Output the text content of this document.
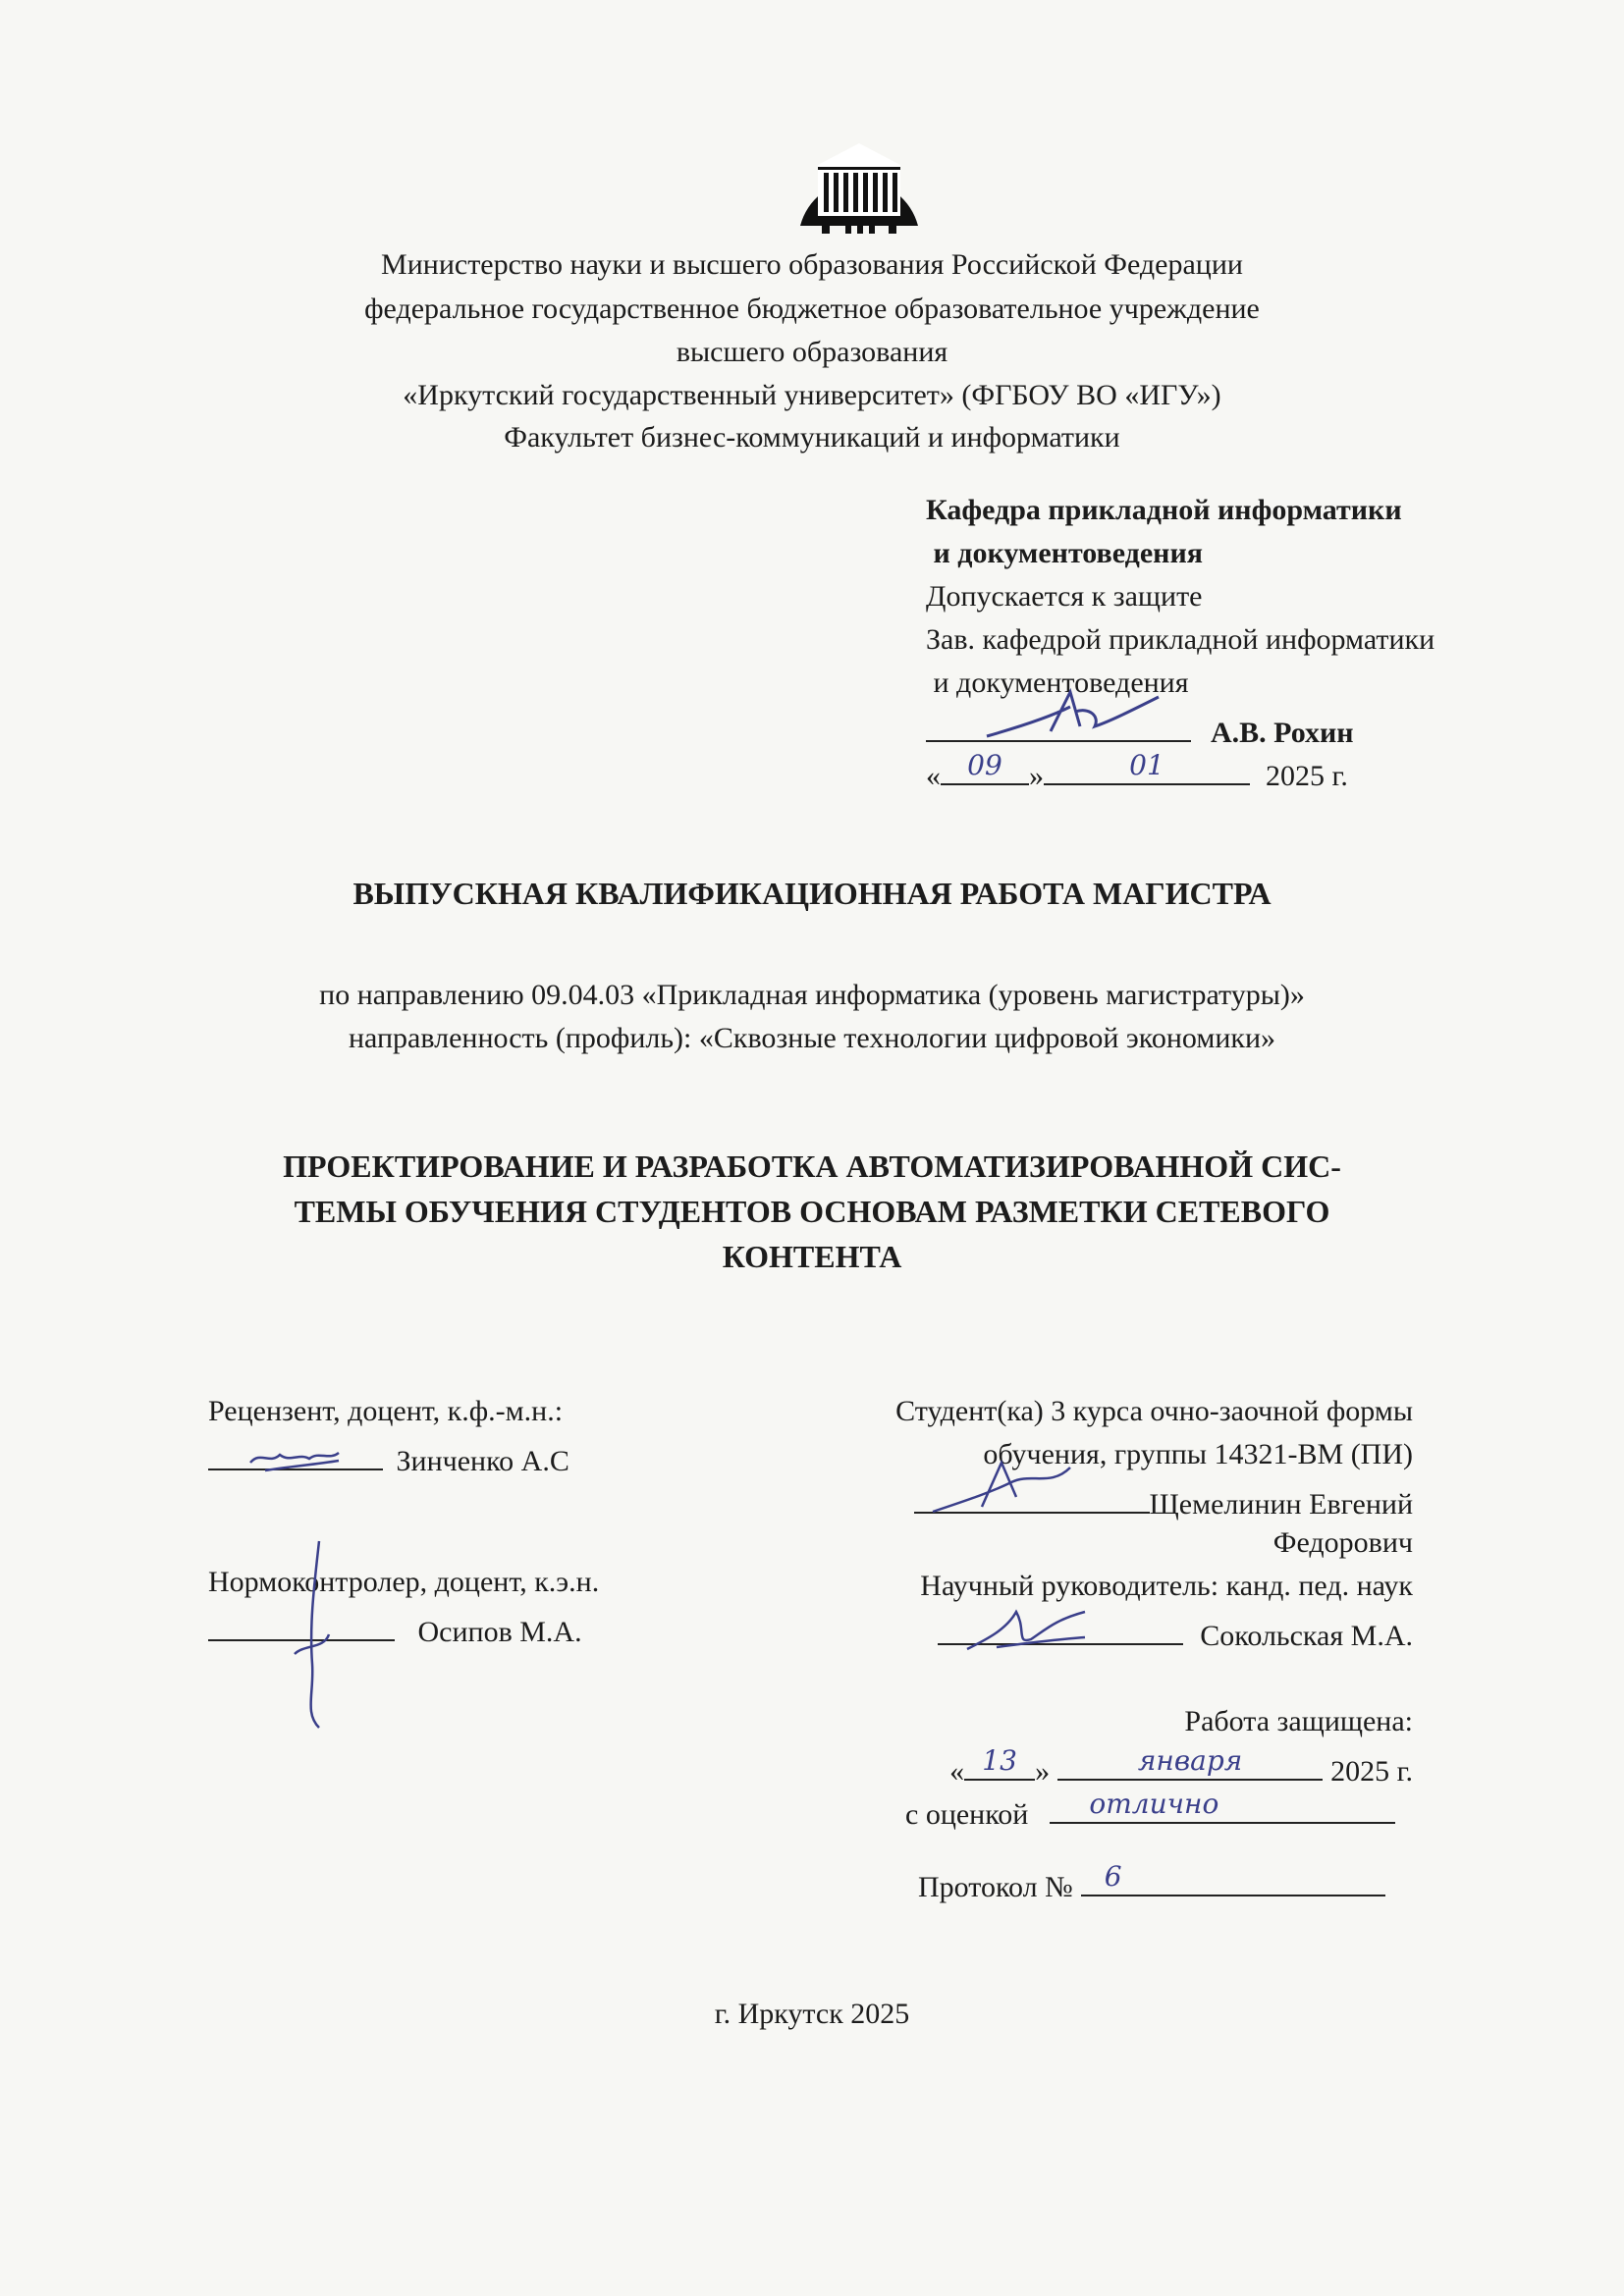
Министерство науки и высшего образования Российской Федерации
федеральное государственное бюджетное образовательное учреждение
высшего образования
«Иркутский государственный университет» (ФГБОУ ВО «ИГУ»)
Факультет бизнес-коммуникаций и информатики
Кафедра прикладной информатики
и документоведения
Допускается к защите
Зав. кафедрой прикладной информатики
и документоведения
А.В. Рохин
« 09 »	01	2025 г.
ВЫПУСКНАЯ КВАЛИФИКАЦИОННАЯ РАБОТА МАГИСТРА
по направлению 09.04.03 «Прикладная информатика (уровень магистратуры)»
направленность (профиль): «Сквозные технологии цифровой экономики»
ПРОЕКТИРОВАНИЕ И РАЗРАБОТКА АВТОМАТИЗИРОВАННОЙ СИС-
ТЕМЫ ОБУЧЕНИЯ СТУДЕНТОВ ОСНОВАМ РАЗМЕТКИ СЕТЕВОГО
КОНТЕНТА
Рецензент, доцент, к.ф.-м.н.:
Зинченко А.С
Нормоконтролер, доцент, к.э.н.
Осипов М.А.
Студент(ка) 3 курса очно-заочной формы
обучения, группы 14321-ВМ (ПИ)
Щемелинин Евгений
Федорович
Научный руководитель: канд. пед. наук
Сокольская М.А.
Работа защищена:
« 13 »	января	2025 г.
с оценкой	отлично
Протокол №	6
г. Иркутск 2025
